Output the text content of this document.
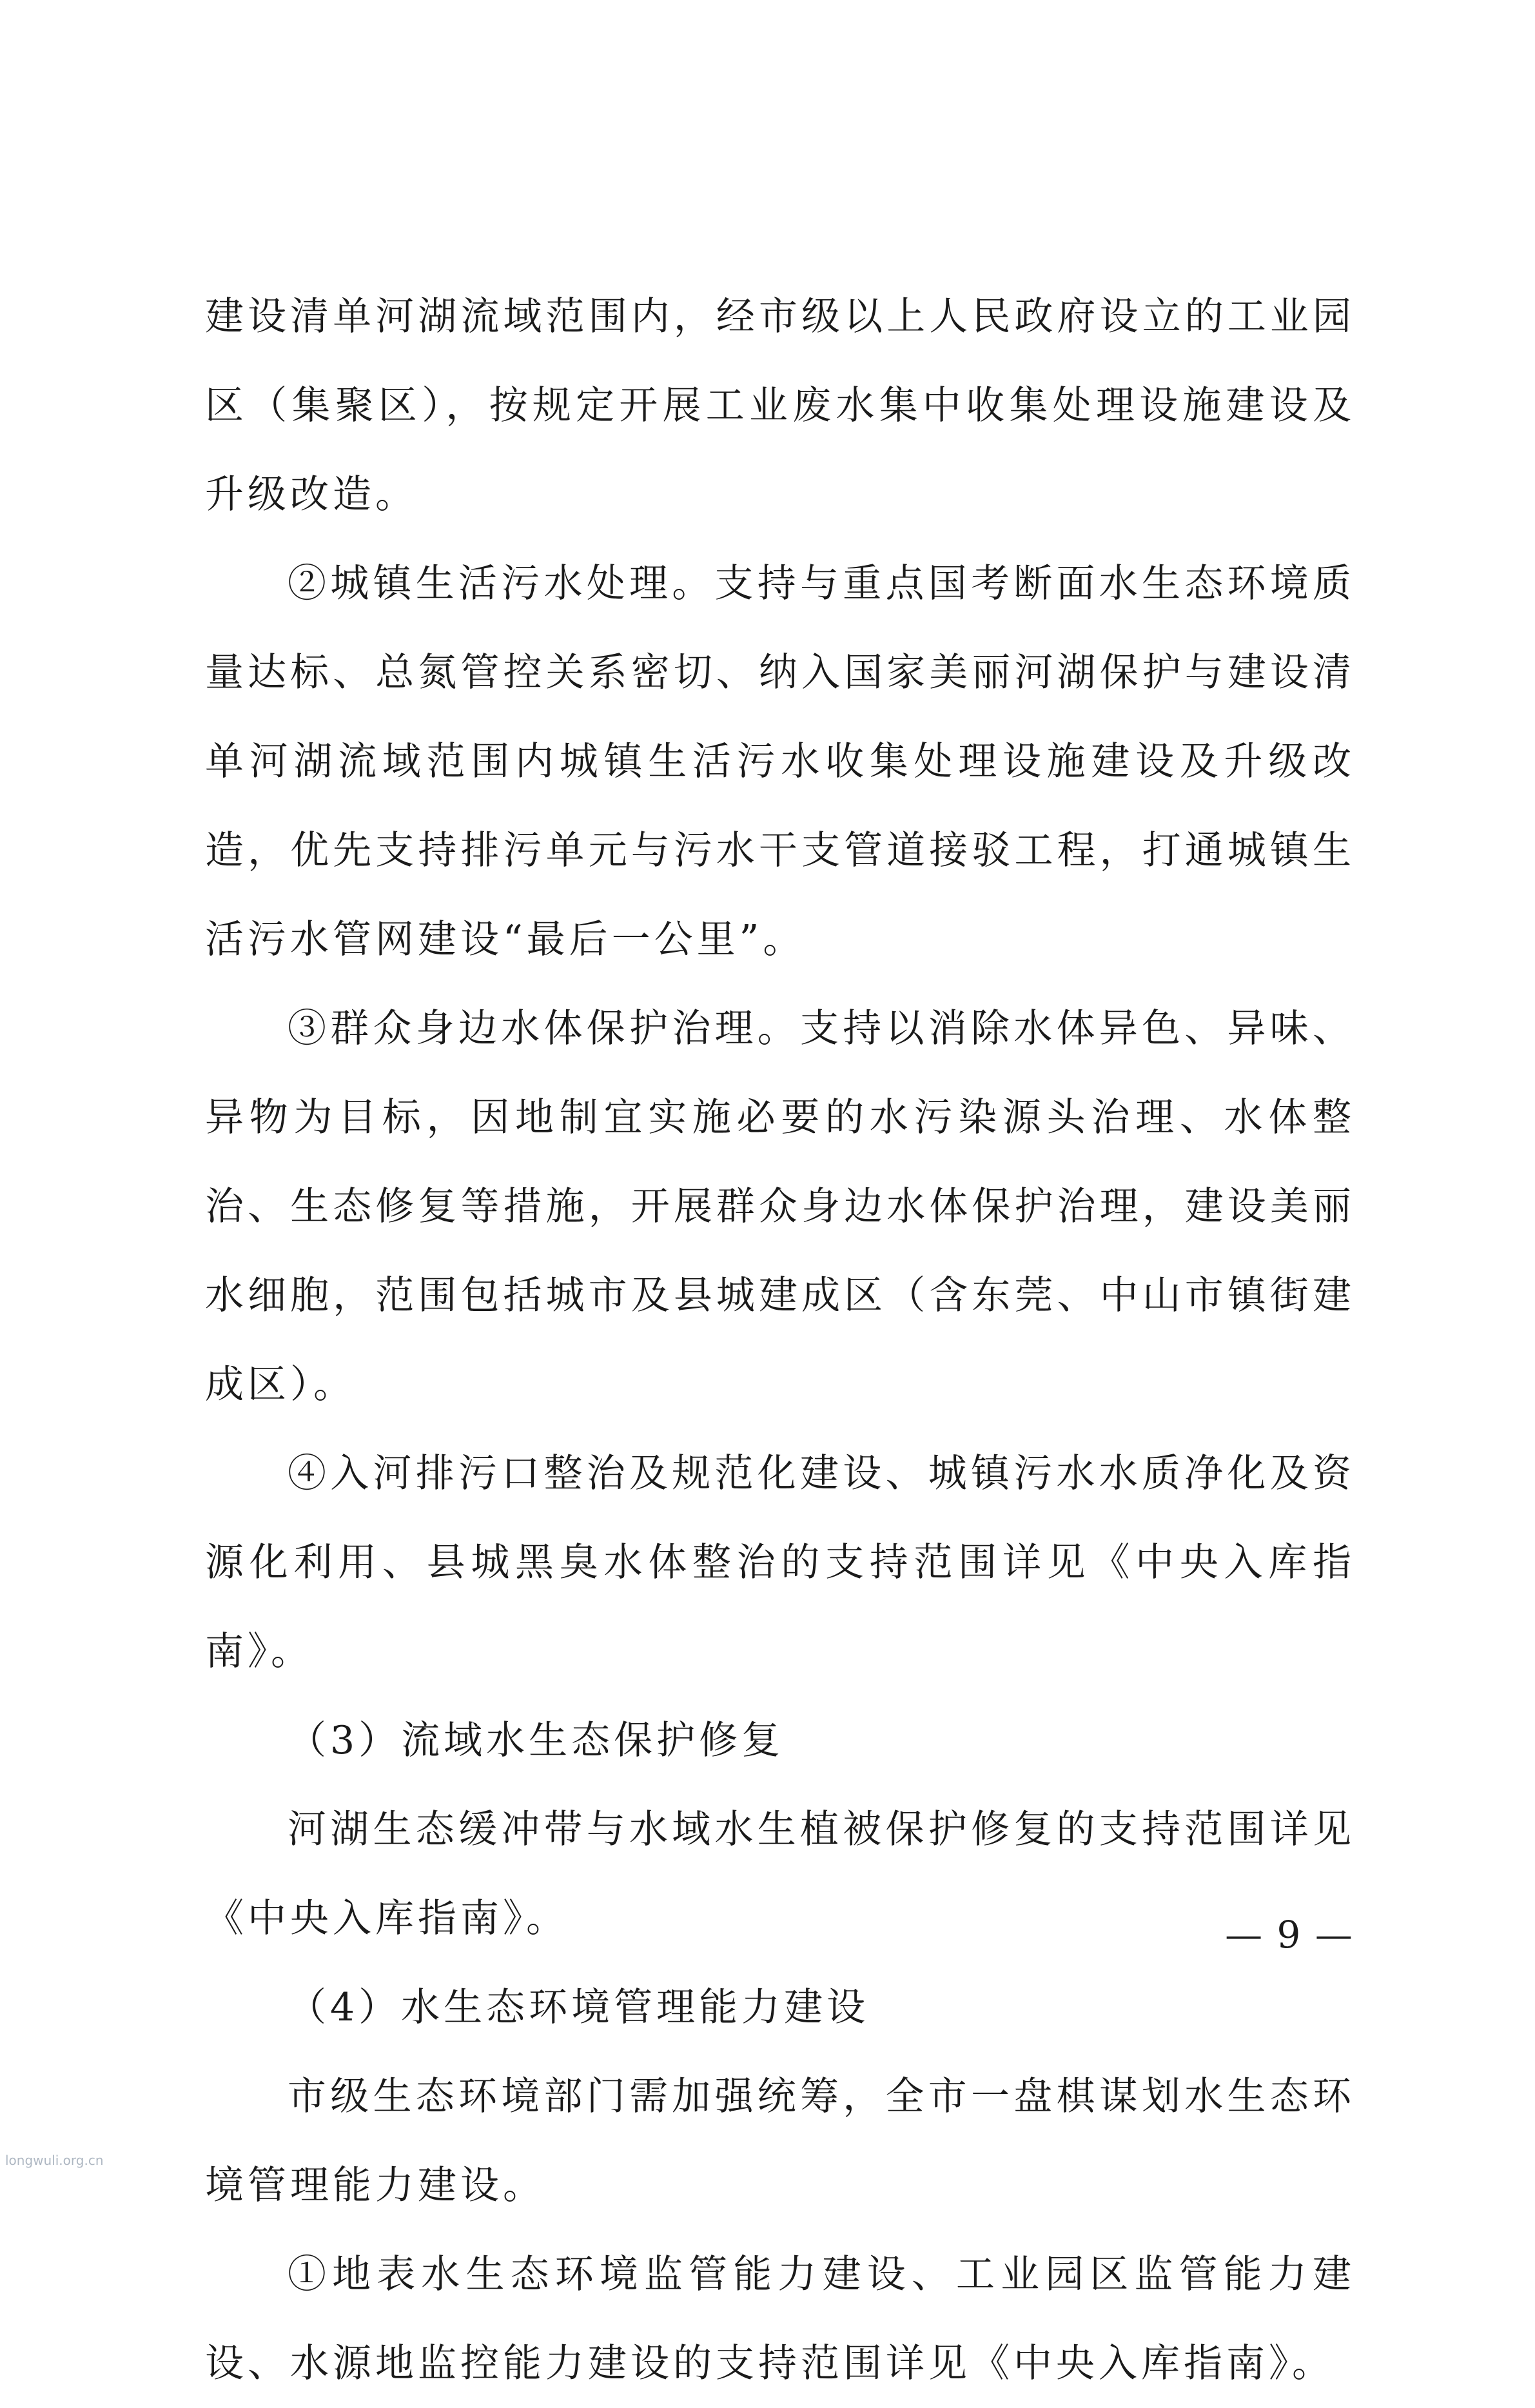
建设清单河湖流域范围内，经市级以上人民政府设立的工业园区（集聚区），按规定开展工业废水集中收集处理设施建设及升级改造。

②城镇生活污水处理。支持与重点国考断面水生态环境质量达标、总氮管控关系密切、纳入国家美丽河湖保护与建设清单河湖流域范围内城镇生活污水收集处理设施建设及升级改造，优先支持排污单元与污水干支管道接驳工程，打通城镇生活污水管网建设“最后一公里”。

③群众身边水体保护治理。支持以消除水体异色、异味、异物为目标，因地制宜实施必要的水污染源头治理、水体整治、生态修复等措施，开展群众身边水体保护治理，建设美丽水细胞，范围包括城市及县城建成区（含东莞、中山市镇街建成区）。

④入河排污口整治及规范化建设、城镇污水水质净化及资源化利用、县城黑臭水体整治的支持范围详见《中央入库指南》。

（3）流域水生态保护修复

河湖生态缓冲带与水域水生植被保护修复的支持范围详见《中央入库指南》。

（4）水生态环境管理能力建设

市级生态环境部门需加强统筹，全市一盘棋谋划水生态环境管理能力建设。

①地表水生态环境监管能力建设、工业园区监管能力建设、水源地监控能力建设的支持范围详见《中央入库指南》。

— 9 —
longwuli.org.cn
